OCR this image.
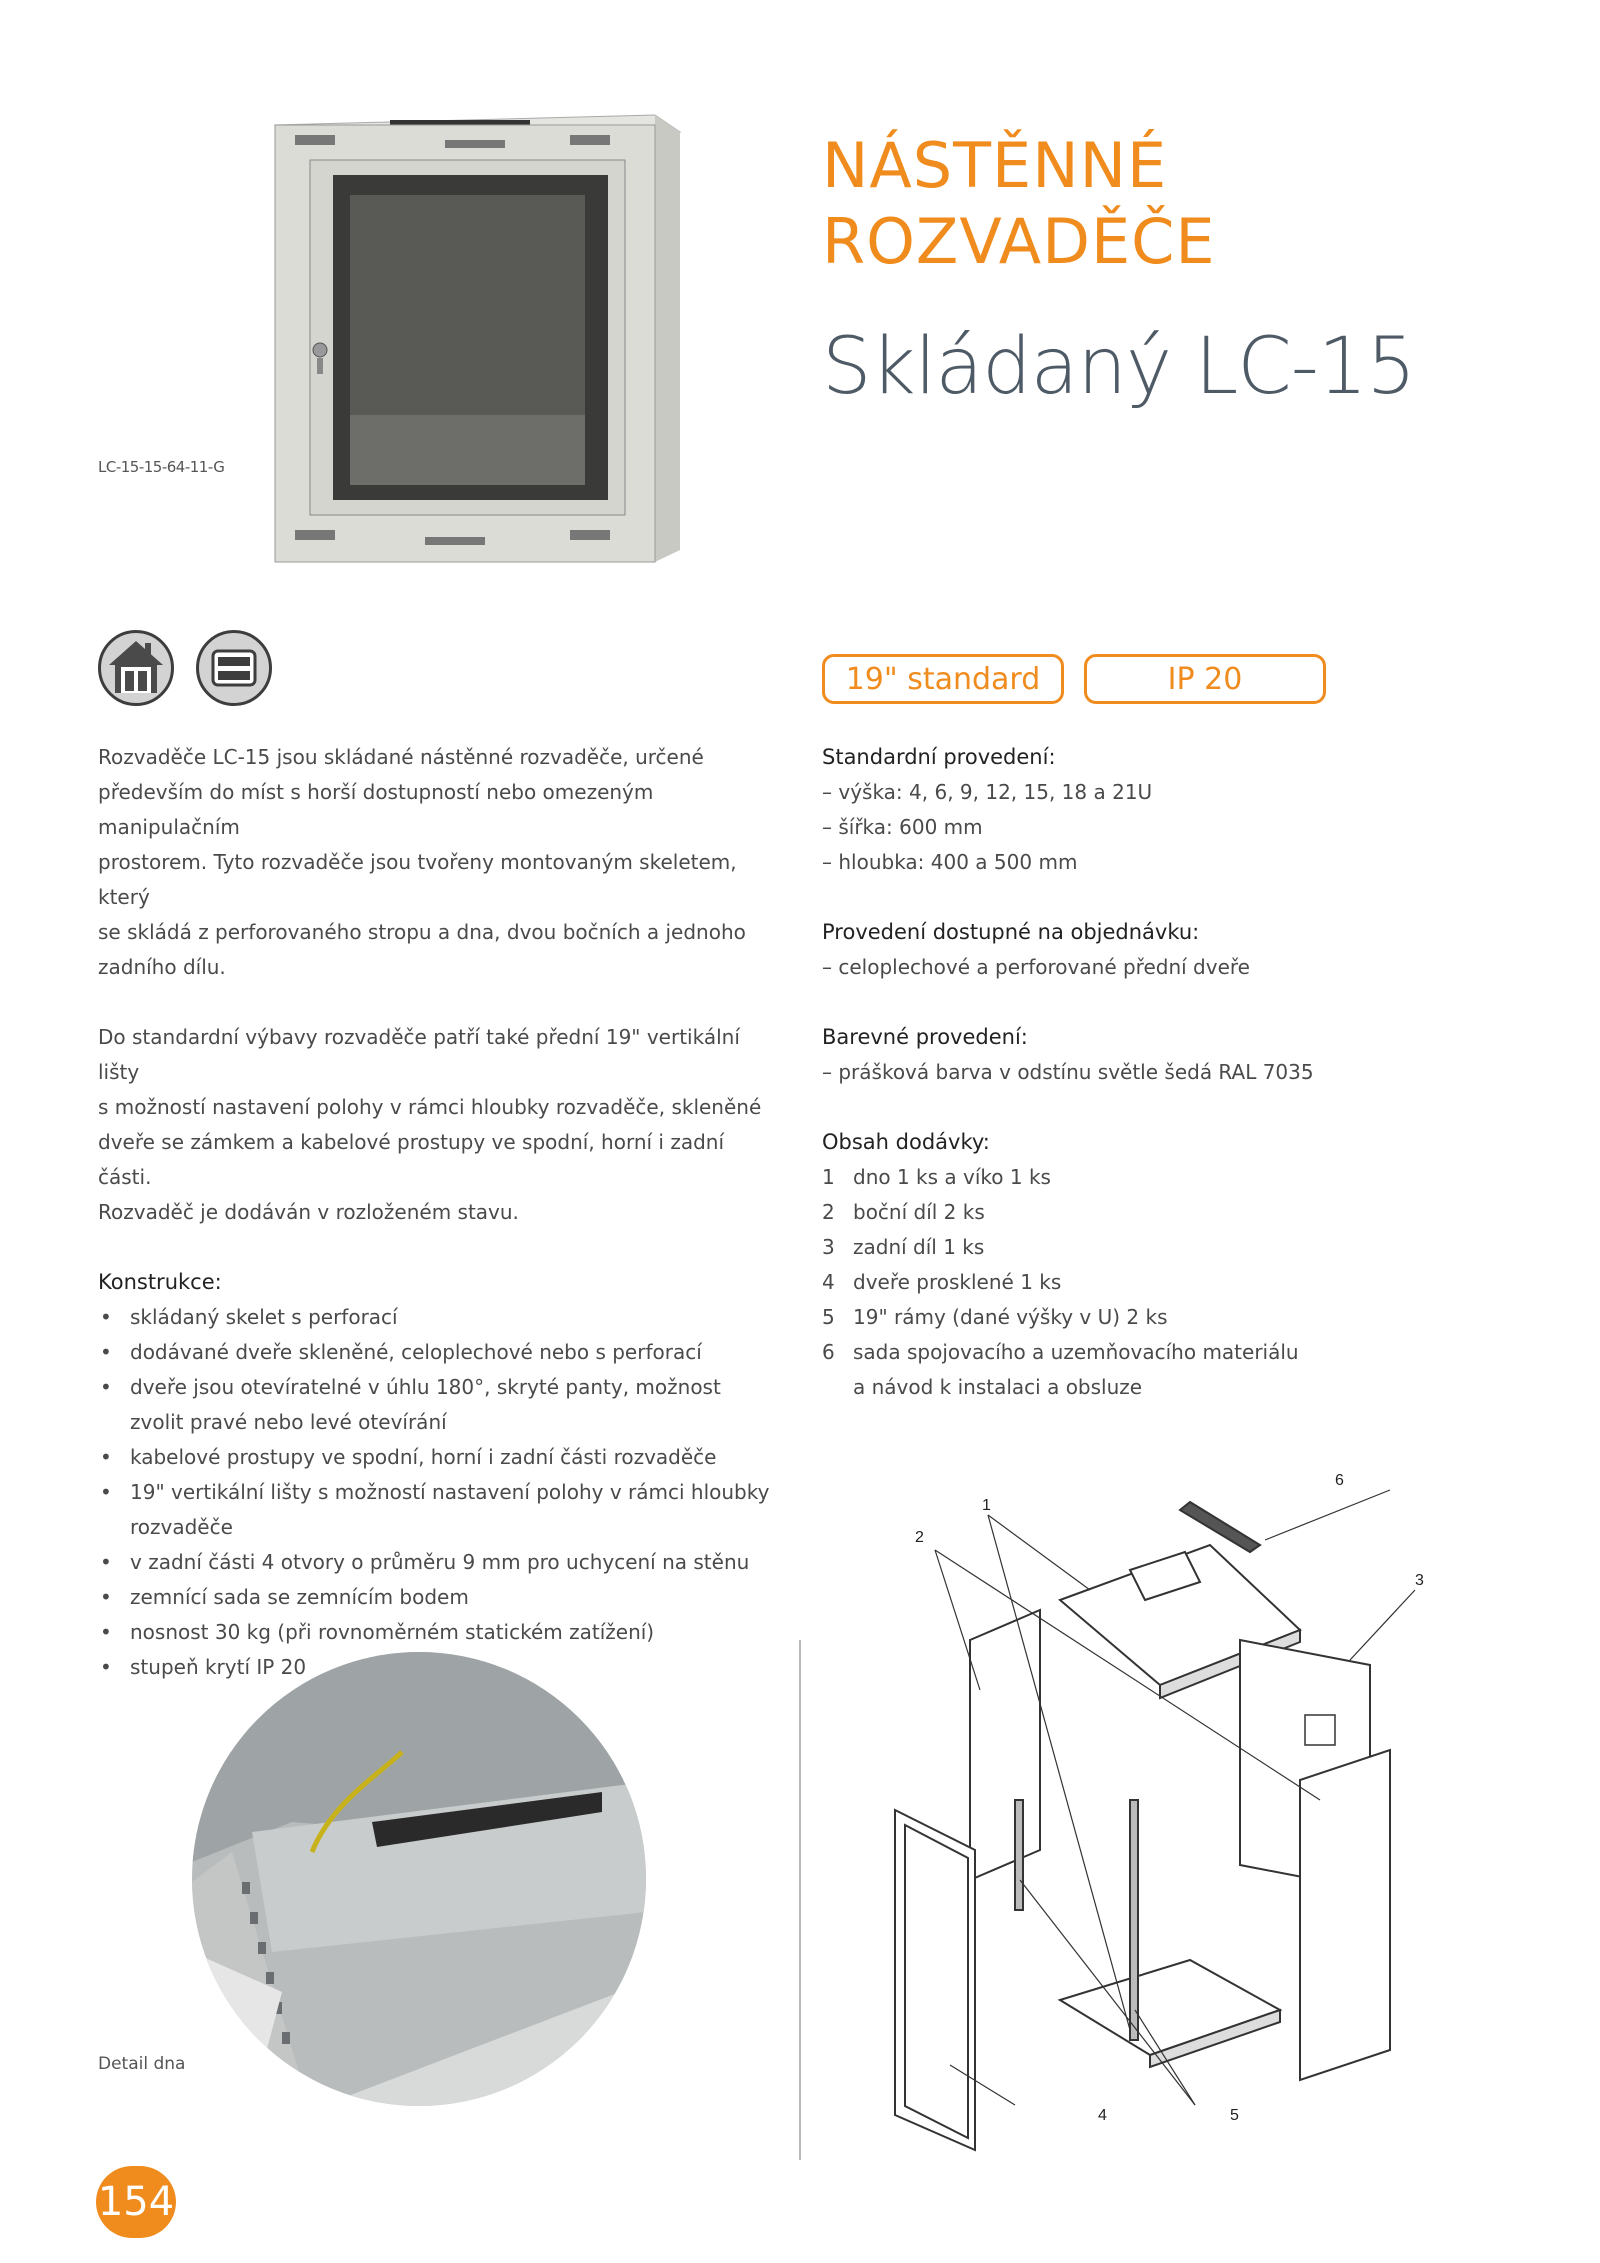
LC-15-15-64-11-G
NÁSTĚNNÉ
ROZVADĚČE
Skládaný LC-15
19" standard	IP 20

Rozvaděče LC-15 jsou skládané nástěnné rozvaděče, určené
především do míst s horší dostupností nebo omezeným manipulačním
prostorem. Tyto rozvaděče jsou tvořeny montovaným skeletem, který
se skládá z perforovaného stropu a dna, dvou bočních a jednoho
zadního dílu.

Do standardní výbavy rozvaděče patří také přední 19" vertikální lišty
s možností nastavení polohy v rámci hloubky rozvaděče, skleněné
dveře se zámkem a kabelové prostupy ve spodní, horní i zadní části.
Rozvaděč je dodáván v rozloženém stavu.

Konstrukce:
• skládaný skelet s perforací
• dodávané dveře skleněné, celoplechové nebo s perforací
• dveře jsou otevíratelné v úhlu 180°, skryté panty, možnost zvolit pravé nebo levé otevírání
• kabelové prostupy ve spodní, horní i zadní části rozvaděče
• 19" vertikální lišty s možností nastavení polohy v rámci hloubky rozvaděče
• v zadní části 4 otvory o průměru 9 mm pro uchycení na stěnu
• zemnící sada se zemnícím bodem
• nosnost 30 kg (při rovnoměrném statickém zatížení)
• stupeň krytí IP 20
Standardní provedení:
– výška: 4, 6, 9, 12, 15, 18 a 21U
– šířka: 600 mm
– hloubka: 400 a 500 mm
Provedení dostupné na objednávku:
– celoplechové a perforované přední dveře
Barevné provedení:
– prášková barva v odstínu světle šedá RAL 7035
Obsah dodávky:
1 dno 1 ks a víko 1 ks
2 boční díl 2 ks
3 zadní díl 1 ks
4 dveře prosklené 1 ks
5 19" rámy (dané výšky v U) 2 ks
6 sada spojovacího a uzemňovacího materiálu
a návod k instalaci a obsluze
Detail dna
1
2
3
4	5
6
154
